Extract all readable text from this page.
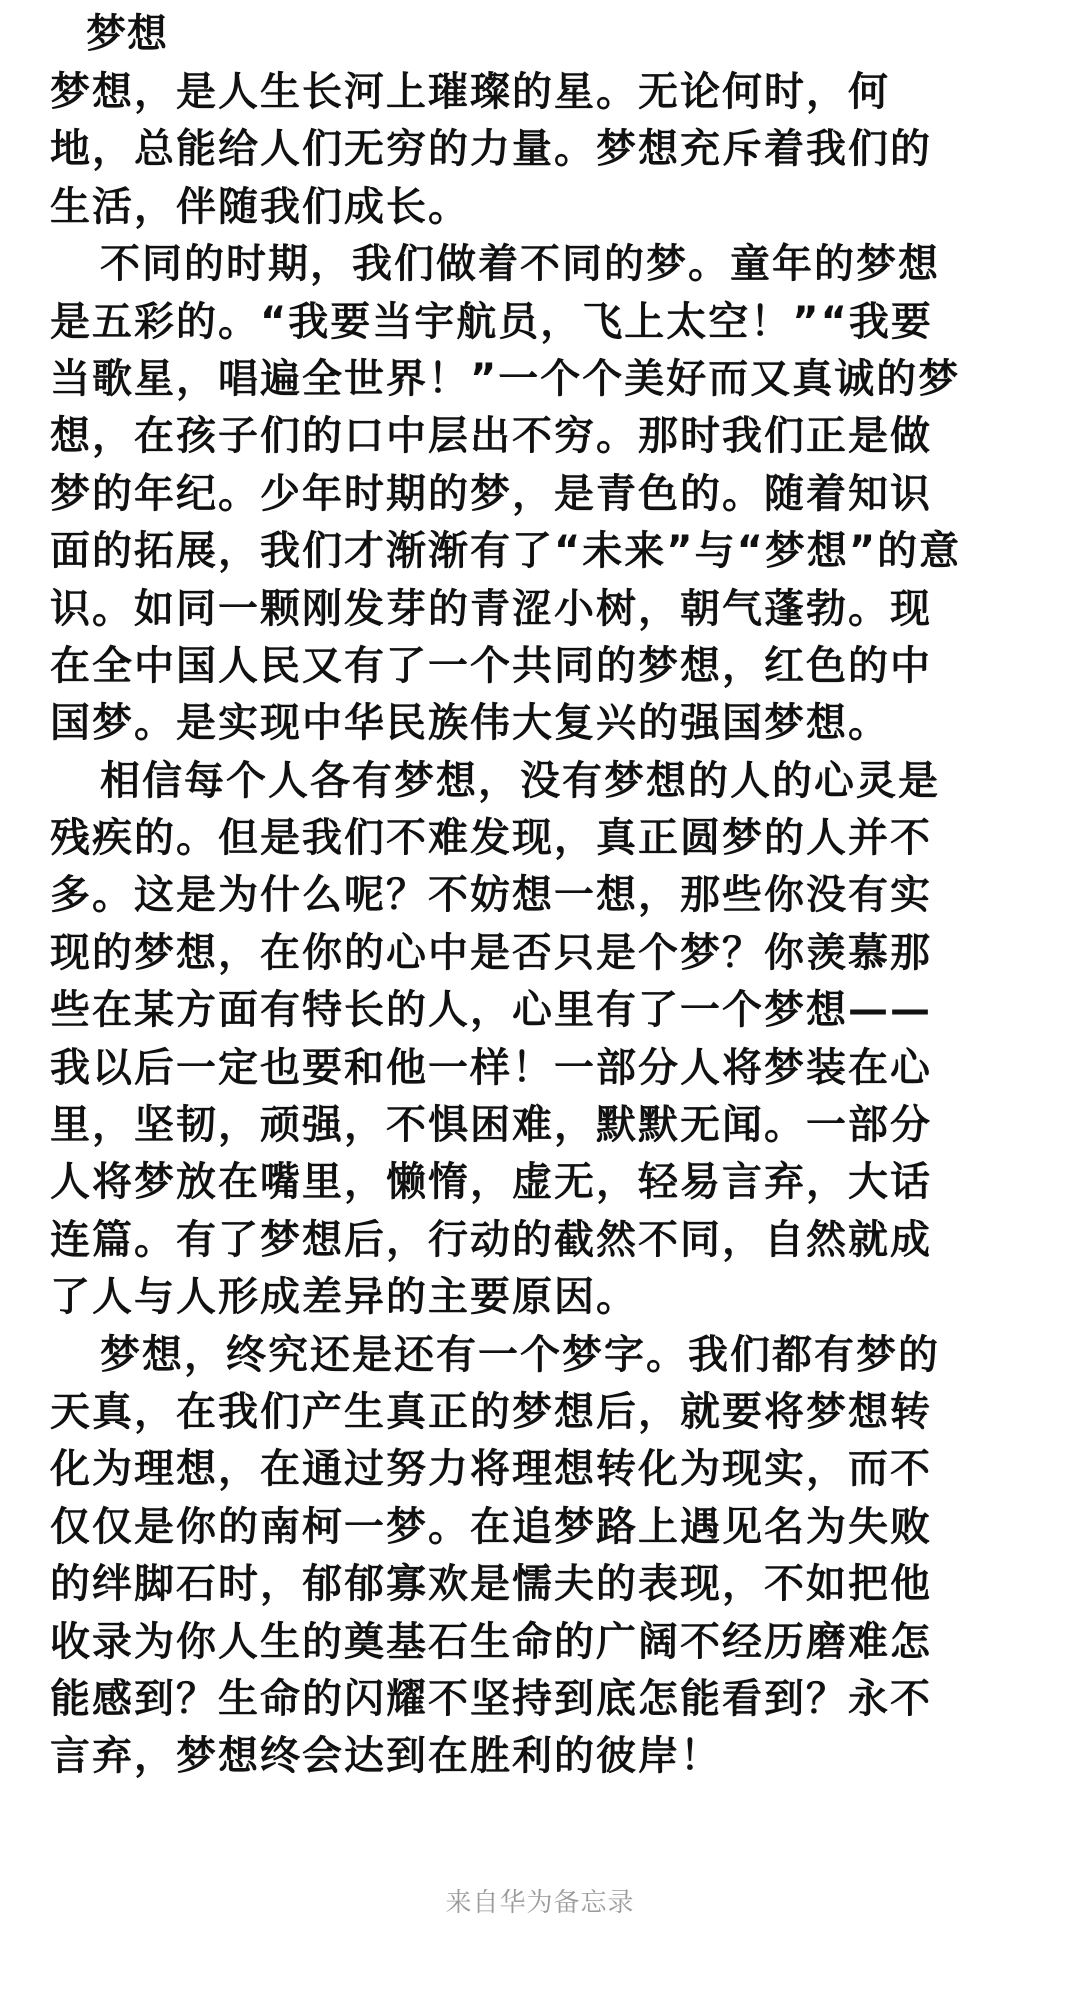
梦想
梦想，是人生长河上璀璨的星。无论何时，何
地，总能给人们无穷的力量。梦想充斥着我们的
生活，伴随我们成长。
不同的时期，我们做着不同的梦。童年的梦想
是五彩的。“我要当宇航员，飞上太空！”“我要
当歌星，唱遍全世界！”一个个美好而又真诚的梦
想，在孩子们的口中层出不穷。那时我们正是做
梦的年纪。少年时期的梦，是青色的。随着知识
面的拓展，我们才渐渐有了“未来”与“梦想”的意
识。如同一颗刚发芽的青涩小树，朝气蓬勃。现
在全中国人民又有了一个共同的梦想，红色的中
国梦。是实现中华民族伟大复兴的强国梦想。
相信每个人各有梦想，没有梦想的人的心灵是
残疾的。但是我们不难发现，真正圆梦的人并不
多。这是为什么呢？不妨想一想，那些你没有实
现的梦想，在你的心中是否只是个梦？你羡慕那
些在某方面有特长的人，心里有了一个梦想——
我以后一定也要和他一样！一部分人将梦装在心
里，坚韧，顽强，不惧困难，默默无闻。一部分
人将梦放在嘴里，懒惰，虚无，轻易言弃，大话
连篇。有了梦想后，行动的截然不同，自然就成
了人与人形成差异的主要原因。
梦想，终究还是还有一个梦字。我们都有梦的
天真，在我们产生真正的梦想后，就要将梦想转
化为理想，在通过努力将理想转化为现实，而不
仅仅是你的南柯一梦。在追梦路上遇见名为失败
的绊脚石时，郁郁寡欢是懦夫的表现，不如把他
收录为你人生的奠基石生命的广阔不经历磨难怎
能感到？生命的闪耀不坚持到底怎能看到？永不
言弃，梦想终会达到在胜利的彼岸！
来自华为备忘录
